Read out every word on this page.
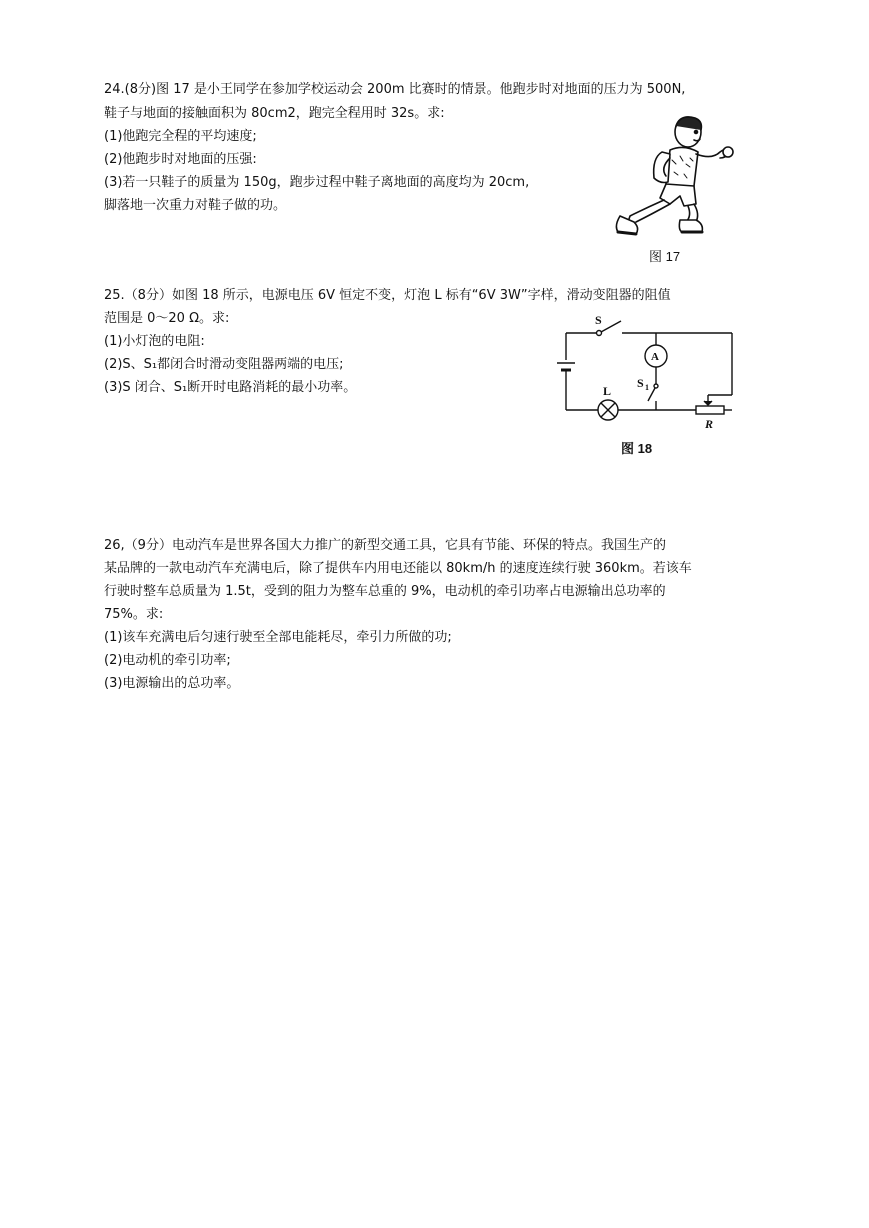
24.(8分)图 17 是小王同学在参加学校运动会 200m 比赛时的情景。他跑步时对地面的压力为 500N,
鞋子与地面的接触面积为 80cm2，跑完全程用时 32s。求:
(1)他跑完全程的平均速度;
(2)他跑步时对地面的压强:
(3)若一只鞋子的质量为 150g，跑步过程中鞋子离地面的高度均为 20cm,
脚落地一次重力对鞋子做的功。
图 17
25.（8分）如图 18 所示，电源电压 6V 恒定不变，灯泡 L 标有“6V 3W”字样，滑动变阻器的阻值
范围是 0～20 Ω。求:
(1)小灯泡的电阻:
(2)S、S₁都闭合时滑动变阻器两端的电压;
(3)S 闭合、S₁断开时电路消耗的最小功率。
S
A
S 1
L
R
图 18
26,（9分）电动汽车是世界各国大力推广的新型交通工具，它具有节能、环保的特点。我国生产的
某品牌的一款电动汽车充满电后，除了提供车内用电还能以 80km/h 的速度连续行驶 360km。若该车
行驶时整车总质量为 1.5t，受到的阻力为整车总重的 9%，电动机的牵引功率占电源输出总功率的
75%。求:
(1)该车充满电后匀速行驶至全部电能耗尽，牵引力所做的功;
(2)电动机的牵引功率;
(3)电源输出的总功率。
